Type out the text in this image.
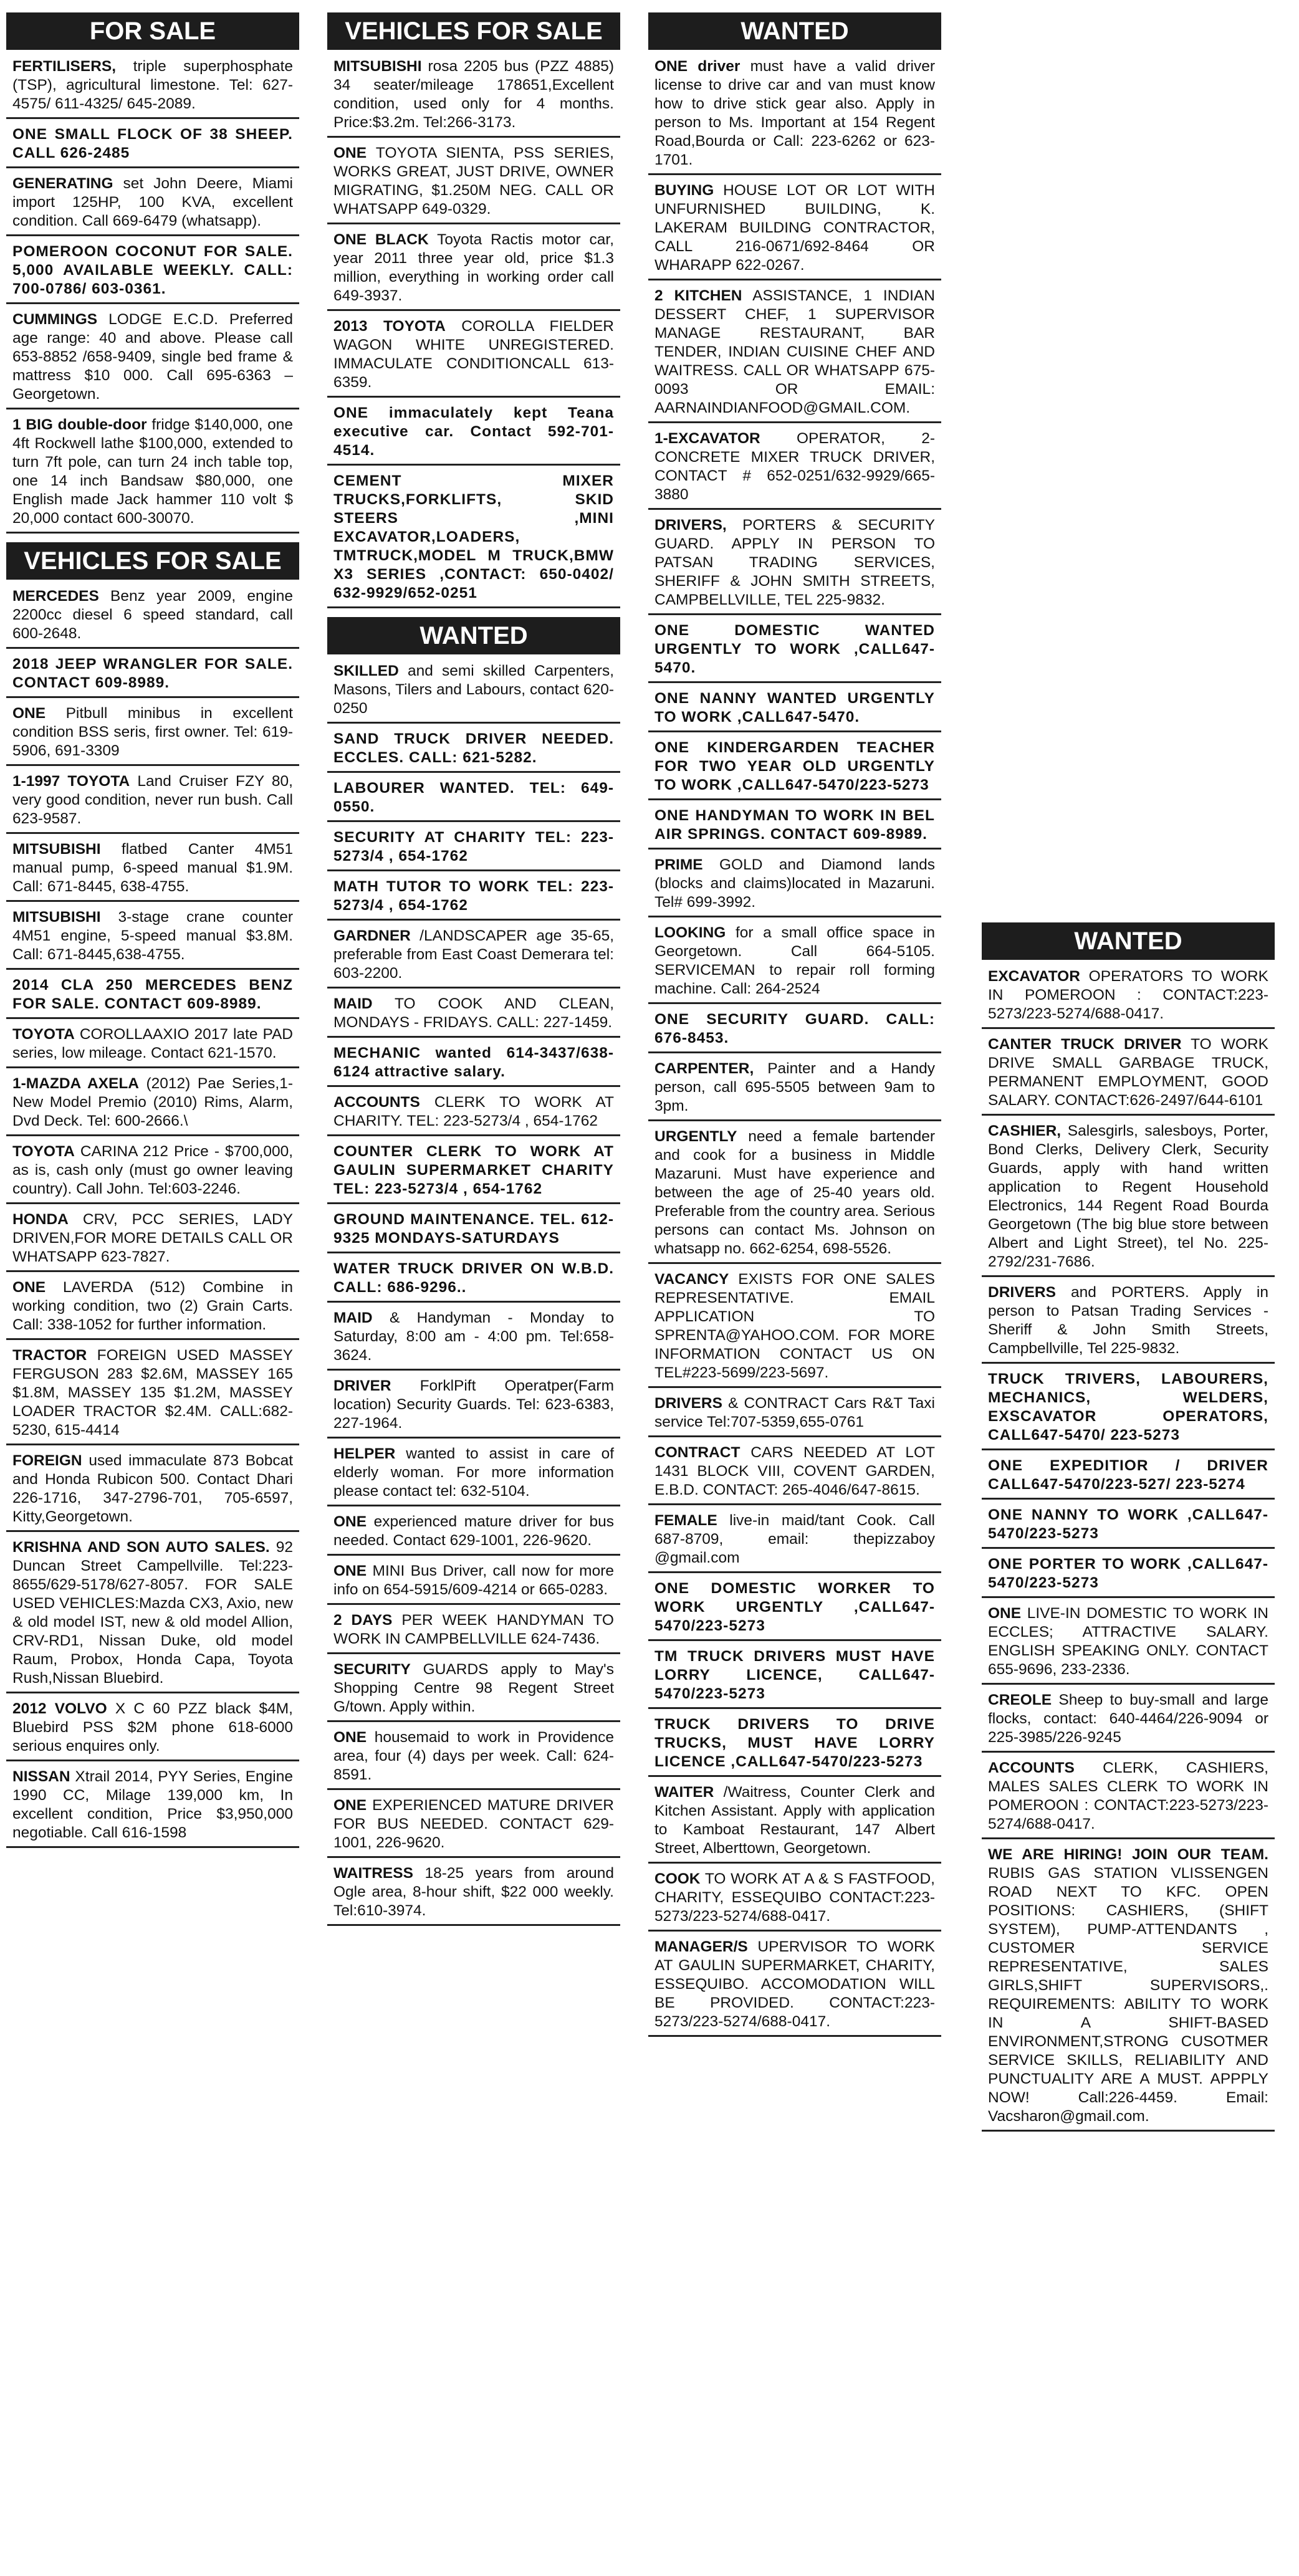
FOR SALE
FERTILISERS, triple superphosphate (TSP), agricultural limestone. Tel: 627-4575/ 611-4325/ 645-2089.
ONE SMALL FLOCK OF 38 SHEEP. CALL 626-2485
GENERATING set John Deere, Miami import 125HP, 100 KVA, excellent condition. Call 669-6479 (whatsapp).
POMEROON COCONUT FOR SALE. 5,000 AVAILABLE WEEKLY. CALL: 700-0786/ 603-0361.
CUMMINGS LODGE E.C.D. Preferred age range: 40 and above. Please call 653-8852 /658-9409, single bed frame & mattress $10 000. Call 695-6363 – Georgetown.
1 BIG double-door fridge $140,000, one 4ft Rockwell lathe $100,000, extended to turn 7ft pole, can turn 24 inch table top, one 14 inch Bandsaw $80,000, one English made Jack hammer 110 volt $ 20,000 contact 600-30070.
VEHICLES FOR SALE
MERCEDES Benz year 2009, engine 2200cc diesel 6 speed standard, call 600-2648.
2018 JEEP WRANGLER FOR SALE. CONTACT 609-8989.
ONE Pitbull minibus in excellent condition BSS seris, first owner. Tel: 619-5906, 691-3309
1-1997 TOYOTA Land Cruiser FZY 80, very good condition, never run bush. Call 623-9587.
MITSUBISHI flatbed Canter 4M51 manual pump, 6-speed manual $1.9M. Call: 671-8445, 638-4755.
MITSUBISHI 3-stage crane counter 4M51 engine, 5-speed manual $3.8M. Call: 671-8445,638-4755.
2014 CLA 250 MERCEDES BENZ FOR SALE. CONTACT 609-8989.
TOYOTA COROLLAAXIO 2017 late PAD series, low mileage. Contact 621-1570.
1-MAZDA AXELA (2012) Pae Series,1- New Model Premio (2010) Rims, Alarm, Dvd Deck. Tel: 600-2666.\
TOYOTA CARINA 212 Price - $700,000, as is, cash only (must go owner leaving country). Call John. Tel:603-2246.
HONDA CRV, PCC SERIES, LADY DRIVEN,FOR MORE DETAILS CALL OR WHATSAPP 623-7827.
ONE LAVERDA (512) Combine in working condition, two (2) Grain Carts. Call: 338-1052 for further information.
TRACTOR FOREIGN USED MASSEY FERGUSON 283 $2.6M, MASSEY 165 $1.8M, MASSEY 135 $1.2M, MASSEY LOADER TRACTOR $2.4M. CALL:682-5230, 615-4414
FOREIGN used immaculate 873 Bobcat and Honda Rubicon 500. Contact Dhari 226-1716, 347-2796-701, 705-6597, Kitty,Georgetown.
KRISHNA AND SON AUTO SALES. 92 Duncan Street Campellville. Tel:223-8655/629-5178/627-8057. FOR SALE USED VEHICLES:Mazda CX3, Axio, new & old model IST, new & old model Allion, CRV-RD1, Nissan Duke, old model Raum, Probox, Honda Capa, Toyota Rush,Nissan Bluebird.
2012 VOLVO X C 60 PZZ black $4M, Bluebird PSS $2M phone 618-6000 serious enquires only.
NISSAN Xtrail 2014, PYY Series, Engine 1990 CC, Milage 139,000 km, In excellent condition, Price $3,950,000 negotiable. Call 616-1598
VEHICLES FOR SALE
MITSUBISHI rosa 2205 bus (PZZ 4885) 34 seater/mileage 178651,Excellent condition, used only for 4 months. Price:$3.2m. Tel:266-3173.
ONE TOYOTA SIENTA, PSS SERIES, WORKS GREAT, JUST DRIVE, OWNER MIGRATING, $1.250M NEG. CALL OR WHATSAPP 649-0329.
ONE BLACK Toyota Ractis motor car, year 2011 three year old, price $1.3 million, everything in working order call 649-3937.
2013 TOYOTA COROLLA FIELDER WAGON WHITE UNREGISTERED. IMMACULATE CONDITIONCALL 613-6359.
ONE immaculately kept Teana executive car. Contact 592-701-4514.
CEMENT MIXER TRUCKS,FORKLIFTS, SKID STEERS ,MINI EXCAVATOR,LOADERS, TMTRUCK,MODEL M TRUCK,BMW X3 SERIES ,CONTACT: 650-0402/ 632-9929/652-0251
WANTED
SKILLED and semi skilled Carpenters, Masons, Tilers and Labours, contact 620-0250
SAND TRUCK DRIVER NEEDED. ECCLES. CALL: 621-5282.
LABOURER WANTED. TEL: 649-0550.
SECURITY AT CHARITY TEL: 223-5273/4 , 654-1762
MATH TUTOR TO WORK TEL: 223-5273/4 , 654-1762
GARDNER /LANDSCAPER age 35-65, preferable from East Coast Demerara tel: 603-2200.
MAID TO COOK AND CLEAN, MONDAYS - FRIDAYS. CALL: 227-1459.
MECHANIC wanted 614-3437/638-6124 attractive salary.
ACCOUNTS CLERK TO WORK AT CHARITY. TEL: 223-5273/4 , 654-1762
COUNTER CLERK TO WORK AT GAULIN SUPERMARKET CHARITY TEL: 223-5273/4 , 654-1762
GROUND MAINTENANCE. TEL. 612-9325 MONDAYS-SATURDAYS
WATER TRUCK DRIVER ON W.B.D. CALL: 686-9296..
MAID & Handyman - Monday to Saturday, 8:00 am - 4:00 pm. Tel:658-3624.
DRIVER ForklPift Operatper(Farm location) Security Guards. Tel: 623-6383, 227-1964.
HELPER wanted to assist in care of elderly woman. For more information please contact tel: 632-5104.
ONE experienced mature driver for bus needed. Contact 629-1001, 226-9620.
ONE MINI Bus Driver, call now for more info on 654-5915/609-4214 or 665-0283.
2 DAYS PER WEEK HANDYMAN TO WORK IN CAMPBELLVILLE 624-7436.
SECURITY GUARDS apply to May's Shopping Centre 98 Regent Street G/town. Apply within.
ONE housemaid to work in Providence area, four (4) days per week. Call: 624-8591.
ONE EXPERIENCED MATURE DRIVER FOR BUS NEEDED. CONTACT 629-1001, 226-9620.
WAITRESS 18-25 years from around Ogle area, 8-hour shift, $22 000 weekly. Tel:610-3974.
WANTED
ONE driver must have a valid driver license to drive car and van must know how to drive stick gear also. Apply in person to Ms. Important at 154 Regent Road,Bourda or Call: 223-6262 or 623-1701.
BUYING HOUSE LOT OR LOT WITH UNFURNISHED BUILDING, K. LAKERAM BUILDING CONTRACTOR, CALL 216-0671/692-8464 OR WHARAPP 622-0267.
2 KITCHEN ASSISTANCE, 1 INDIAN DESSERT CHEF, 1 SUPERVISOR MANAGE RESTAURANT, BAR TENDER, INDIAN CUISINE CHEF AND WAITRESS. CALL OR WHATSAPP 675-0093 OR EMAIL: AARNAINDIANFOOD@GMAIL.COM.
1-EXCAVATOR OPERATOR, 2- CONCRETE MIXER TRUCK DRIVER, CONTACT # 652-0251/632-9929/665-3880
DRIVERS, PORTERS & SECURITY GUARD. APPLY IN PERSON TO PATSAN TRADING SERVICES, SHERIFF & JOHN SMITH STREETS, CAMPBELLVILLE, TEL 225-9832.
ONE DOMESTIC WANTED URGENTLY TO WORK ,CALL647-5470.
ONE NANNY WANTED URGENTLY TO WORK ,CALL647-5470.
ONE KINDERGARDEN TEACHER FOR TWO YEAR OLD URGENTLY TO WORK ,CALL647-5470/223-5273
ONE HANDYMAN TO WORK IN BEL AIR SPRINGS. CONTACT 609-8989.
PRIME GOLD and Diamond lands (blocks and claims)located in Mazaruni. Tel# 699-3992.
LOOKING for a small office space in Georgetown. Call 664-5105. SERVICEMAN to repair roll forming machine. Call: 264-2524
ONE SECURITY GUARD. CALL: 676-8453.
CARPENTER, Painter and a Handy person, call 695-5505 between 9am to 3pm.
URGENTLY need a female bartender and cook for a business in Middle Mazaruni. Must have experience and between the age of 25-40 years old. Preferable from the country area. Serious persons can contact Ms. Johnson on whatsapp no. 662-6254, 698-5526.
VACANCY EXISTS FOR ONE SALES REPRESENTATIVE. EMAIL APPLICATION TO SPRENTA@YAHOO.COM. FOR MORE INFORMATION CONTACT US ON TEL#223-5699/223-5697.
DRIVERS & CONTRACT Cars R&T Taxi service Tel:707-5359,655-0761
CONTRACT CARS NEEDED AT LOT 1431 BLOCK VIII, COVENT GARDEN, E.B.D. CONTACT: 265-4046/647-8615.
FEMALE live-in maid/tant Cook. Call 687-8709, email: thepizzaboy @gmail.com
ONE DOMESTIC WORKER TO WORK URGENTLY ,CALL647-5470/223-5273
TM TRUCK DRIVERS MUST HAVE LORRY LICENCE, CALL647-5470/223-5273
TRUCK DRIVERS TO DRIVE TRUCKS, MUST HAVE LORRY LICENCE ,CALL647-5470/223-5273
WAITER /Waitress, Counter Clerk and Kitchen Assistant. Apply with application to Kamboat Restaurant, 147 Albert Street, Alberttown, Georgetown.
COOK TO WORK AT A & S FASTFOOD, CHARITY, ESSEQUIBO CONTACT:223-5273/223-5274/688-0417.
MANAGER/S UPERVISOR TO WORK AT GAULIN SUPERMARKET, CHARITY, ESSEQUIBO. ACCOMODATION WILL BE PROVIDED. CONTACT:223-5273/223-5274/688-0417.
WANTED
EXCAVATOR OPERATORS TO WORK IN POMEROON : CONTACT:223-5273/223-5274/688-0417.
CANTER TRUCK DRIVER TO WORK DRIVE SMALL GARBAGE TRUCK, PERMANENT EMPLOYMENT, GOOD SALARY. CONTACT:626-2497/644-6101
CASHIER, Salesgirls, salesboys, Porter, Bond Clerks, Delivery Clerk, Security Guards, apply with hand written application to Regent Household Electronics, 144 Regent Road Bourda Georgetown (The big blue store between Albert and Light Street), tel No. 225-2792/231-7686.
DRIVERS and PORTERS. Apply in person to Patsan Trading Services - Sheriff & John Smith Streets, Campbellville, Tel 225-9832.
TRUCK TRIVERS, LABOURERS, MECHANICS, WELDERS, EXSCAVATOR OPERATORS, CALL647-5470/ 223-5273
ONE EXPEDITIOR / DRIVER CALL647-5470/223-527/ 223-5274
ONE NANNY TO WORK ,CALL647-5470/223-5273
ONE PORTER TO WORK ,CALL647-5470/223-5273
ONE LIVE-IN DOMESTIC TO WORK IN ECCLES; ATTRACTIVE SALARY. ENGLISH SPEAKING ONLY. CONTACT 655-9696, 233-2336.
CREOLE Sheep to buy-small and large flocks, contact: 640-4464/226-9094 or 225-3985/226-9245
ACCOUNTS CLERK, CASHIERS, MALES SALES CLERK TO WORK IN POMEROON : CONTACT:223-5273/223-5274/688-0417.
WE ARE HIRING! JOIN OUR TEAM. RUBIS GAS STATION VLISSENGEN ROAD NEXT TO KFC. OPEN POSITIONS: CASHIERS, (SHIFT SYSTEM), PUMP-ATTENDANTS , CUSTOMER SERVICE REPRESENTATIVE, SALES GIRLS,SHIFT SUPERVISORS,. REQUIREMENTS: ABILITY TO WORK IN A SHIFT-BASED ENVIRONMENT,STRONG CUSOTMER SERVICE SKILLS, RELIABILITY AND PUNCTUALITY ARE A MUST. APPPLY NOW! Call:226-4459. Email: Vacsharon@gmail.com.
